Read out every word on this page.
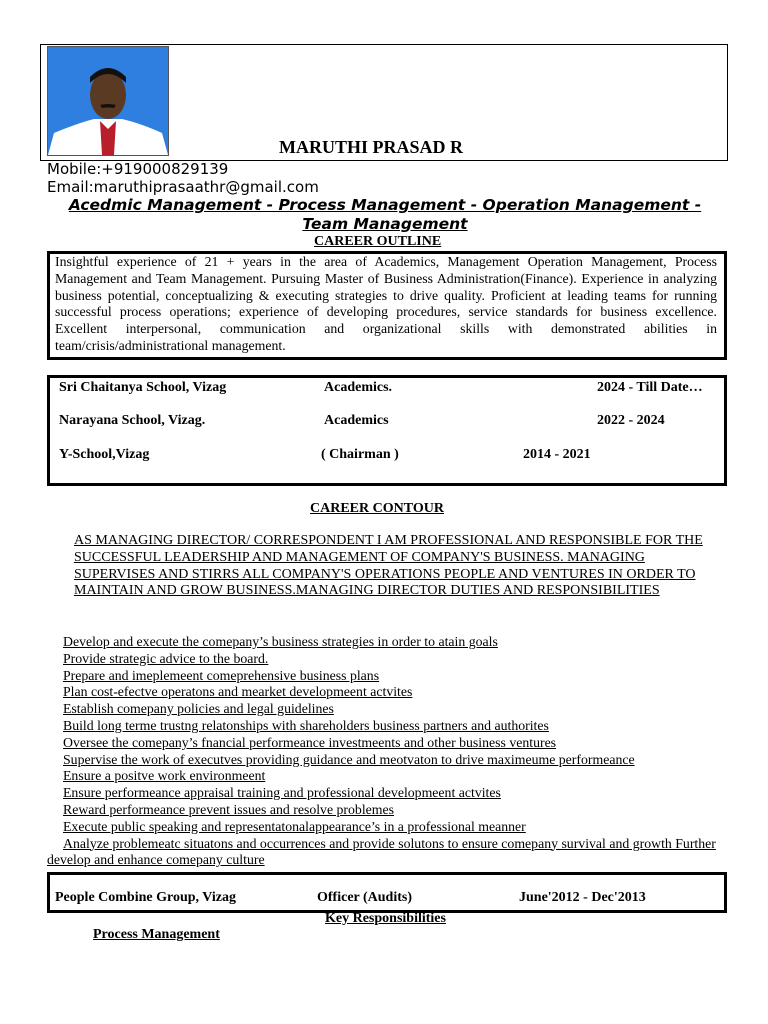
MARUTHI PRASAD R
Mobile:+919000829139
Email:maruthiprasaathr@gmail.com
Acedmic Management - Process Management - Operation Management - Team Management
CAREER OUTLINE
Insightful experience of 21 + years in the area of Academics, Management Operation Management, Process Management and Team Management. Pursuing Master of Business Administration(Finance). Experience in analyzing business potential, conceptualizing & executing strategies to drive quality. Proficient at leading teams for running successful process operations; experience of developing procedures, service standards for business excellence. Excellent interpersonal, communication and organizational skills with demonstrated abilities in team/crisis/administrational management.
Sri Chaitanya School, Vizag	Academics.	2024 - Till Date…
Narayana School, Vizag.	Academics	2022 - 2024
Y-School,Vizag	( Chairman )	2014 - 2021
CAREER CONTOUR
AS MANAGING DIRECTOR/ CORRESPONDENT I AM PROFESSIONAL AND RESPONSIBLE FOR THE SUCCESSFUL LEADERSHIP AND MANAGEMENT OF COMPANY'S BUSINESS. MANAGING SUPERVISES AND STIRRS ALL COMPANY'S OPERATIONS PEOPLE AND VENTURES IN ORDER TO MAINTAIN AND GROW BUSINESS.MANAGING DIRECTOR DUTIES AND RESPONSIBILITIES
Develop and execute the comepany’s business strategies in order to atain goals
Provide strategic advice to the board.
Prepare and imeplemeent comeprehensive business plans
Plan cost-efectve operatons and mearket developmeent actvites
Establish comepany policies and legal guidelines
Build long terme trustng relatonships with shareholders business partners and authorites
Oversee the comepany’s fnancial performeance investmeents and other business ventures
Supervise the work of executves providing guidance and meotvaton to drive maximeume performeance
Ensure a positve work environmeent
Ensure performeance appraisal training and professional developmeent actvites
Reward performeance prevent issues and resolve problemes
Execute public speaking and representatonalappearance’s in a professional meanner
Analyze problemeatc situatons and occurrences and provide solutons to ensure comepany survival and growth Further develop and enhance comepany culture
People Combine Group, Vizag	Officer (Audits)	June'2012 - Dec'2013
Key Responsibilities
Process Management
